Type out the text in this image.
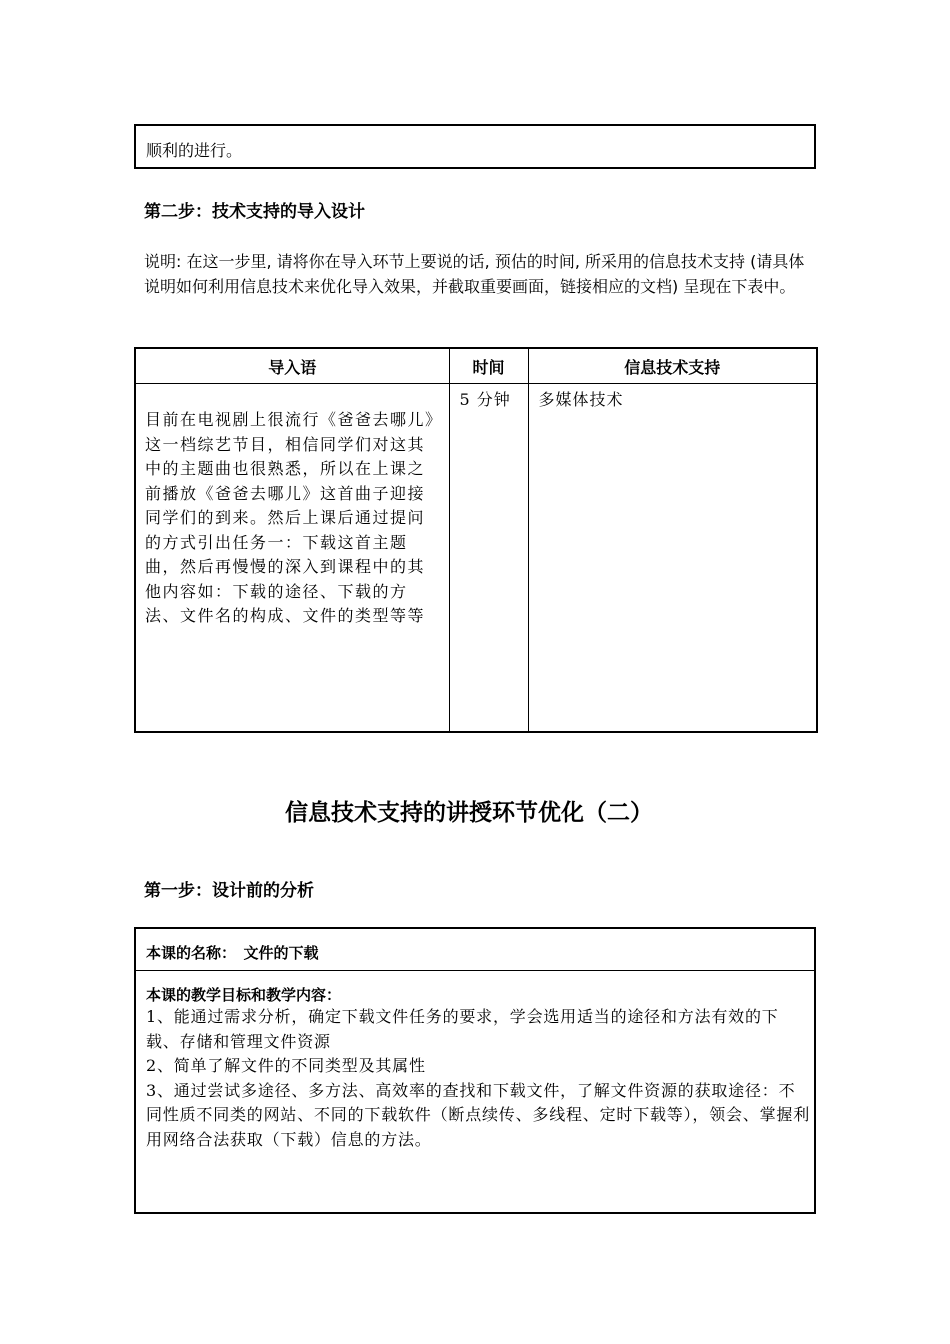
顺利的进行。
第二步：技术支持的导入设计
说明: 在这一步里, 请将你在导入环节上要说的话, 预估的时间, 所采用的信息技术支持 (请具体说明如何利用信息技术来优化导入效果，并截取重要画面，链接相应的文档) 呈现在下表中。
导入语	时间	信息技术支持
目前在电视剧上很流行《爸爸去哪儿》这一档综艺节目，相信同学们对这其中的主题曲也很熟悉，所以在上课之前播放《爸爸去哪儿》这首曲子迎接同学们的到来。然后上课后通过提问的方式引出任务一：下载这首主题曲，然后再慢慢的深入到课程中的其他内容如：下载的途径、下载的方法、文件名的构成、文件的类型等等	5 分钟	多媒体技术
信息技术支持的讲授环节优化（二）
第一步：设计前的分析
本课的名称：　文件的下载
本课的教学目标和教学内容：
1、能通过需求分析，确定下载文件任务的要求，学会选用适当的途径和方法有效的下载、存储和管理文件资源
2、简单了解文件的不同类型及其属性
3、通过尝试多途径、多方法、高效率的查找和下载文件，了解文件资源的获取途径：不同性质不同类的网站、不同的下载软件（断点续传、多线程、定时下载等），领会、掌握利用网络合法获取（下载）信息的方法。
